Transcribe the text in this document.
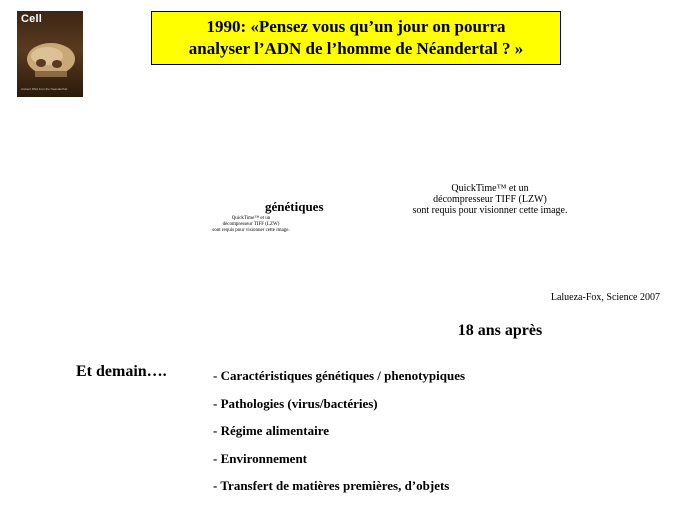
Cell
Ancient DNA from the Neanderthal
1990: «Pensez vous qu’un jour on pourra
analyser l’ADN de l’homme de Néandertal ? »
génétiques
QuickTime™ et un
décompresseur TIFF (LZW)
sont requis pour visionner cette image.
QuickTime™ et un
décompresseur TIFF (LZW)
sont requis pour visionner cette image.
Lalueza-Fox, Science 2007
18 ans après
Et demain….	- Caractéristiques génétiques / phenotypiques
- Pathologies (virus/bactéries)
- Régime alimentaire
- Environnement
- Transfert de matières premières, d’objets
